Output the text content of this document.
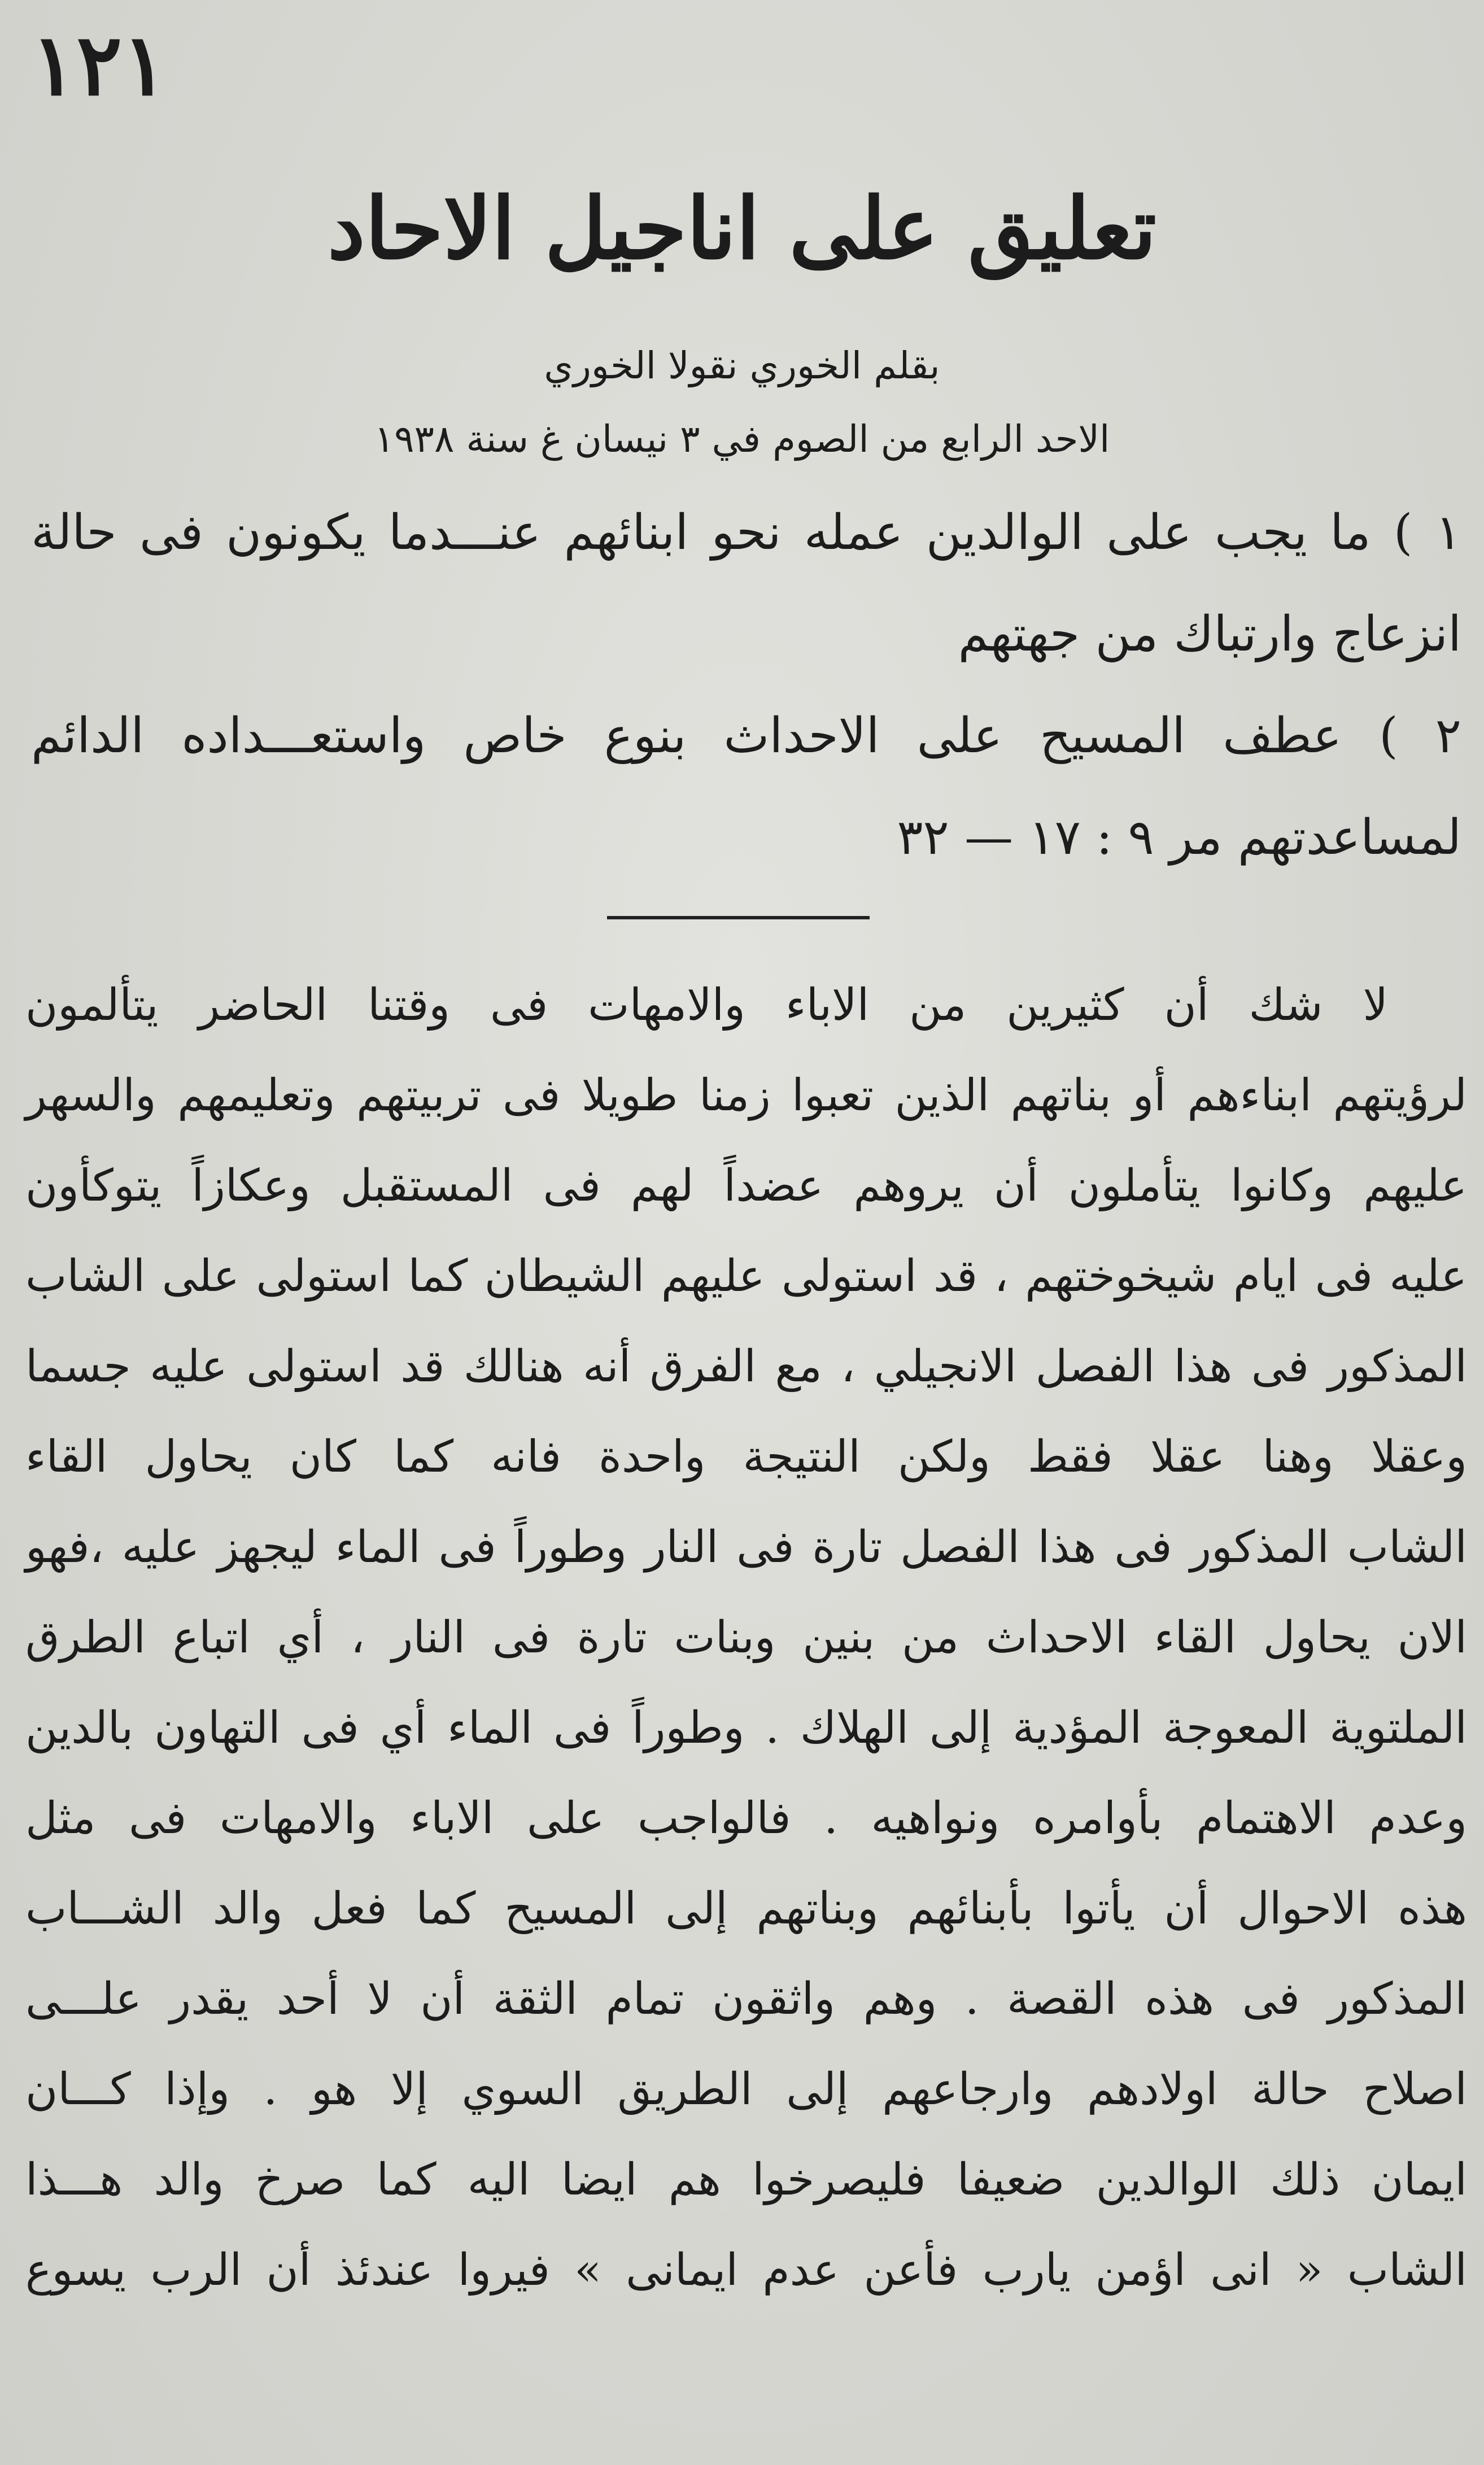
١٢١
تعليق على اناجيل الاحاد
بقلم الخوري نقولا الخوري
الاحد الرابع من الصوم في ٣ نيسان غ سنة ١٩٣٨
١ ) ما يجب على الوالدين عمله نحو ابنائهم عنـــدما يكونون فى حالة
انزعاج وارتباك من جهتهم
٢ ) عطف المسيح على الاحداث بنوع خاص واستعـــداده الدائم
لمساعدتهم مر ٩ : ١٧ — ٣٢
لا شك أن كثيرين من الاباء والامهات فى وقتنا الحاضر يتألمون
لرؤيتهم ابناءهم أو بناتهم الذين تعبوا زمنا طويلا فى تربيتهم وتعليمهم والسهر
عليهم وكانوا يتأملون أن يروهم عضداً لهم فى المستقبل وعكازاً يتوكأون
عليه فى ايام شيخوختهم ، قد استولى عليهم الشيطان كما استولى على الشاب
المذكور فى هذا الفصل الانجيلي ، مع الفرق أنه هنالك قد استولى عليه جسما
وعقلا وهنا عقلا فقط ولكن النتيجة واحدة فانه كما كان يحاول القاء
الشاب المذكور فى هذا الفصل تارة فى النار وطوراً فى الماء ليجهز عليه ،فهو
الان يحاول القاء الاحداث من بنين وبنات تارة فى النار ، أي اتباع الطرق
الملتوية المعوجة المؤدية إلى الهلاك . وطوراً فى الماء أي فى التهاون بالدين
وعدم الاهتمام بأوامره ونواهيه . فالواجب على الاباء والامهات فى مثل
هذه الاحوال أن يأتوا بأبنائهم وبناتهم إلى المسيح كما فعل والد الشـــاب
المذكور فى هذه القصة . وهم واثقون تمام الثقة أن لا أحد يقدر علـــى
اصلاح حالة اولادهم وارجاعهم إلى الطريق السوي إلا هو . وإذا كـــان
ايمان ذلك الوالدين ضعيفا فليصرخوا هم ايضا اليه كما صرخ والد هـــذا
الشاب « انى اؤمن يارب فأعن عدم ايمانى » فيروا عندئذ أن الرب يسوع
